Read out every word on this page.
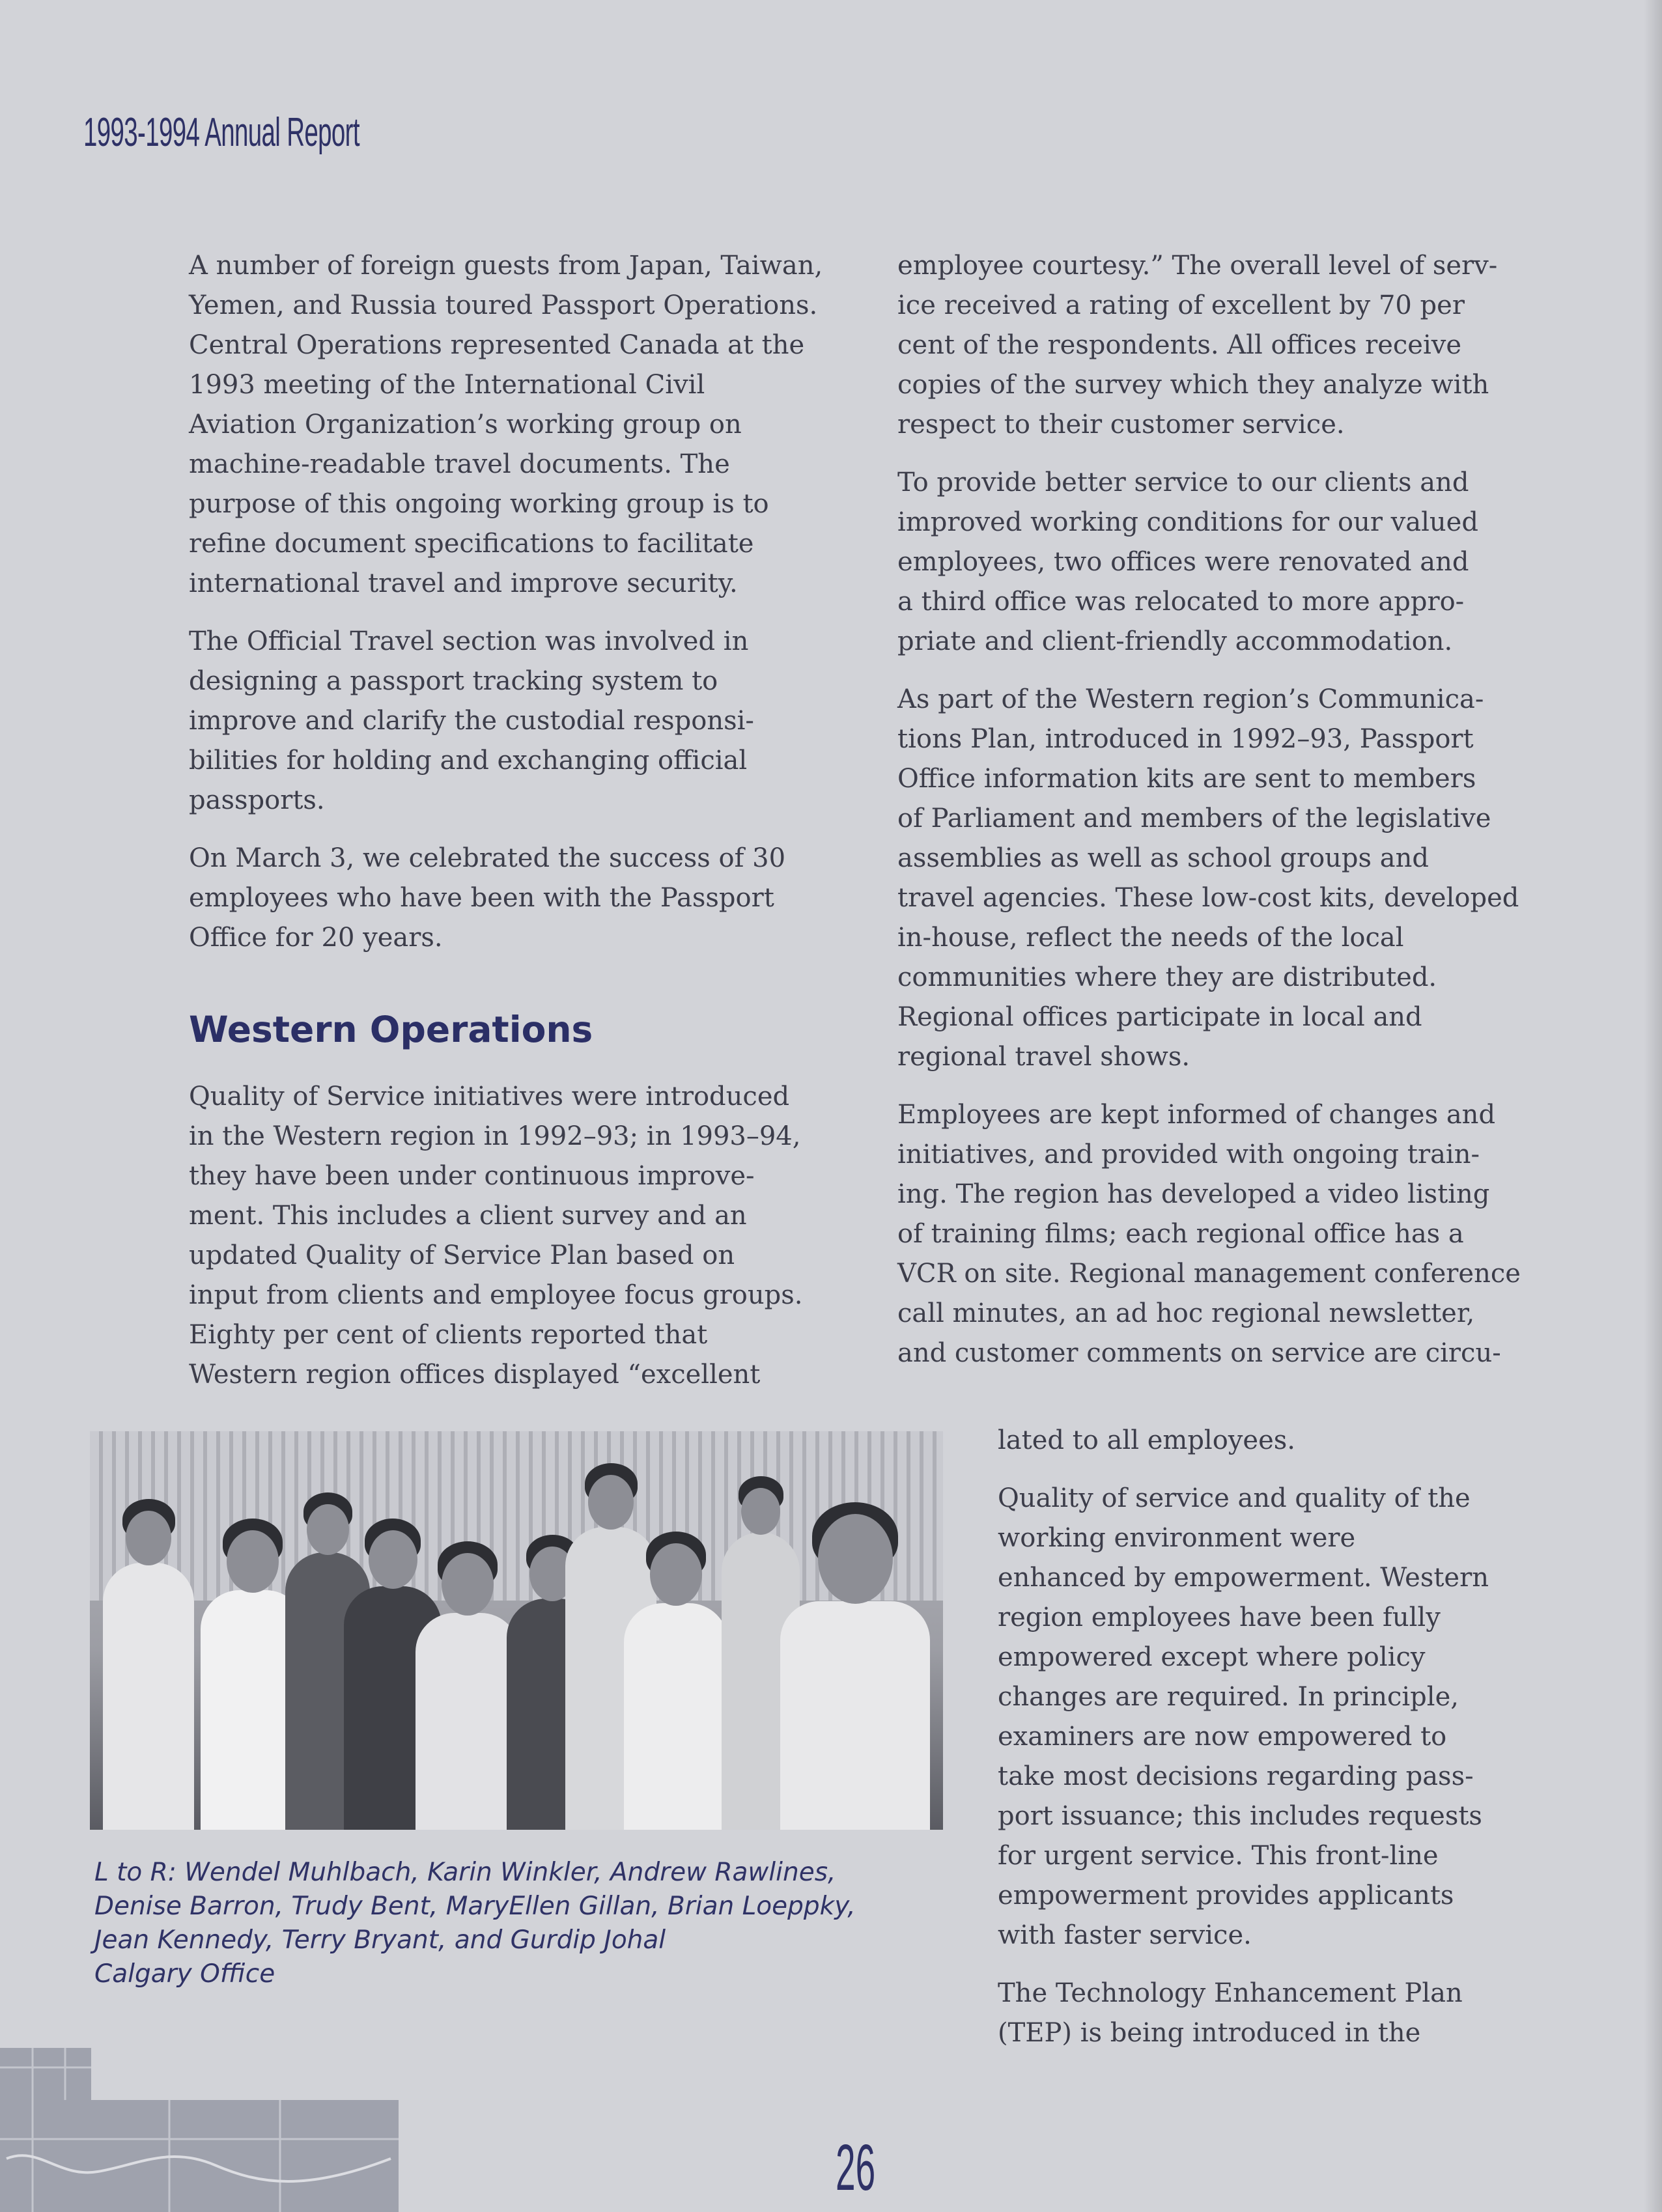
1993-1994 Annual Report

A number of foreign guests from Japan, Taiwan,
Yemen, and Russia toured Passport Operations.
Central Operations represented Canada at the
1993 meeting of the International Civil
Aviation Organization’s working group on
machine-readable travel documents. The
purpose of this ongoing working group is to
refine document specifications to facilitate
international travel and improve security.

The Official Travel section was involved in
designing a passport tracking system to
improve and clarify the custodial responsi-
bilities for holding and exchanging official
passports.

On March 3, we celebrated the success of 30
employees who have been with the Passport
Office for 20 years.

Western Operations

Quality of Service initiatives were introduced
in the Western region in 1992–93; in 1993–94,
they have been under continuous improve-
ment. This includes a client survey and an
updated Quality of Service Plan based on
input from clients and employee focus groups.
Eighty per cent of clients reported that
Western region offices displayed “excellent

employee courtesy.” The overall level of serv-
ice received a rating of excellent by 70 per
cent of the respondents. All offices receive
copies of the survey which they analyze with
respect to their customer service.

To provide better service to our clients and
improved working conditions for our valued
employees, two offices were renovated and
a third office was relocated to more appro-
priate and client-friendly accommodation.

As part of the Western region’s Communica-
tions Plan, introduced in 1992–93, Passport
Office information kits are sent to members
of Parliament and members of the legislative
assemblies as well as school groups and
travel agencies. These low-cost kits, developed
in-house, reflect the needs of the local
communities where they are distributed.
Regional offices participate in local and
regional travel shows.

Employees are kept informed of changes and
initiatives, and provided with ongoing train-
ing. The region has developed a video listing
of training films; each regional office has a
VCR on site. Regional management conference
call minutes, an ad hoc regional newsletter,
and customer comments on service are circu-

lated to all employees.

Quality of service and quality of the
working environment were
enhanced by empowerment. Western
region employees have been fully
empowered except where policy
changes are required. In principle,
examiners are now empowered to
take most decisions regarding pass-
port issuance; this includes requests
for urgent service. This front-line
empowerment provides applicants
with faster service.

The Technology Enhancement Plan
(TEP) is being introduced in the

L to R: Wendel Muhlbach, Karin Winkler, Andrew Rawlines,
Denise Barron, Trudy Bent, MaryEllen Gillan, Brian Loeppky,
Jean Kennedy, Terry Bryant, and Gurdip Johal
Calgary Office
26
